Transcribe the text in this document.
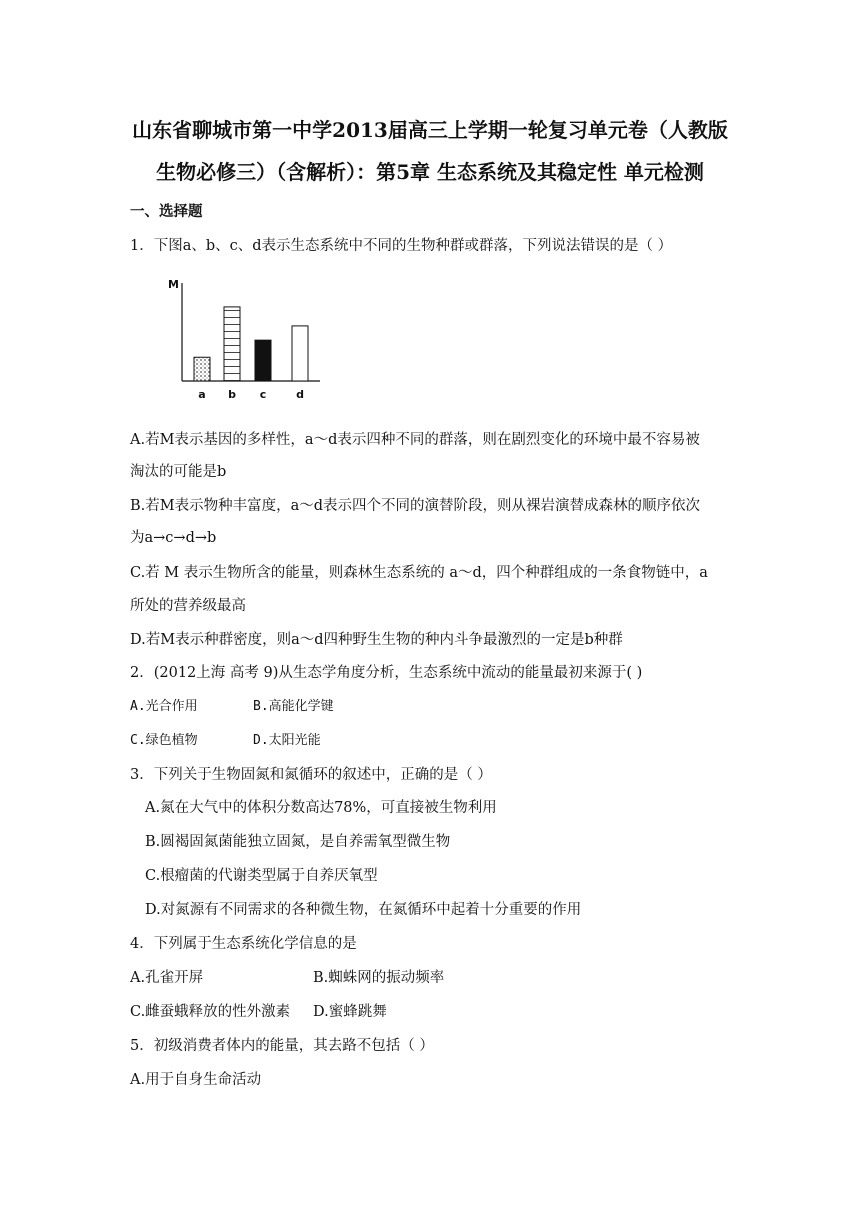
山东省聊城市第一中学2013届高三上学期一轮复习单元卷（人教版
生物必修三）（含解析）：第5章 生态系统及其稳定性 单元检测
一、选择题
1．下图a、b、c、d表示生态系统中不同的生物种群或群落，下列说法错误的是（ ）
M
a b c	d
A.若M表示基因的多样性，a～d表示四种不同的群落，则在剧烈变化的环境中最不容易被
淘汰的可能是b
B.若M表示物种丰富度，a～d表示四个不同的演替阶段，则从裸岩演替成森林的顺序依次
为a→c→d→b
C.若 M 表示生物所含的能量，则森林生态系统的 a～d，四个种群组成的一条食物链中，a
所处的营养级最高
D.若M表示种群密度，则a～d四种野生生物的种内斗争最激烈的一定是b种群
2．(2012上海 高考 9)从生态学角度分析，生态系统中流动的能量最初来源于( )
A.光合作用	B.高能化学键
C.绿色植物	D.太阳光能
3．下列关于生物固氮和氮循环的叙述中，正确的是（ ）
A.氮在大气中的体积分数高达78%，可直接被生物利用
B.圆褐固氮菌能独立固氮，是自养需氧型微生物
C.根瘤菌的代谢类型属于自养厌氧型
D.对氮源有不同需求的各种微生物，在氮循环中起着十分重要的作用
4．下列属于生态系统化学信息的是
A.孔雀开屏	B.蜘蛛网的振动频率
C.雌蚕蛾释放的性外激素 D.蜜蜂跳舞
5．初级消费者体内的能量，其去路不包括（ ）
A.用于自身生命活动
